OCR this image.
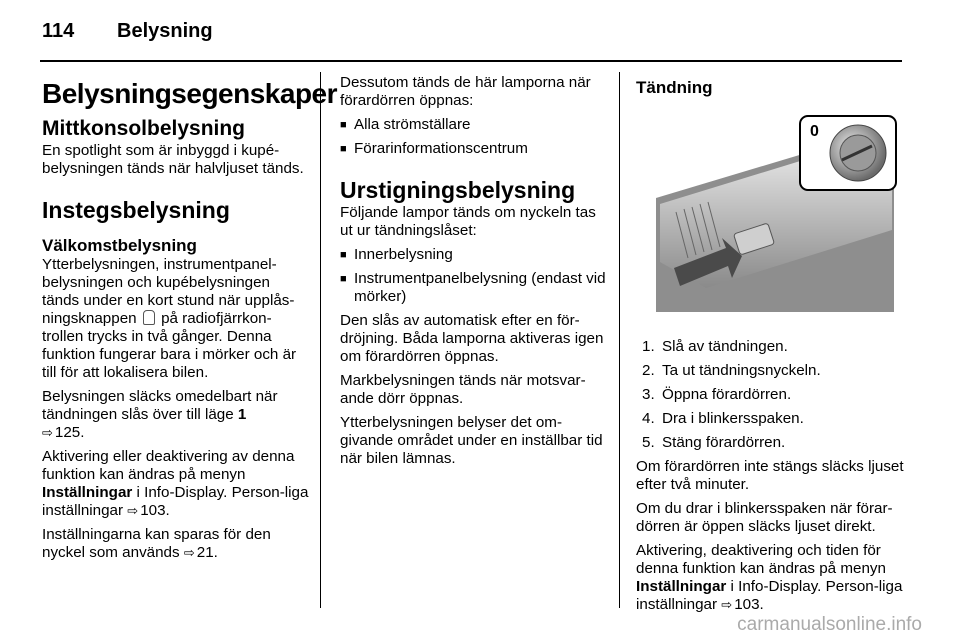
114 Belysning
Belysningsegenskaper
Mittkonsolbelysning

En spotlight som är inbyggd i kupé-belysningen tänds när halvljuset tänds.

Instegsbelysning
Välkomstbelysning

Ytterbelysningen, instrumentpanel-belysningen och kupébelysningen tänds under en kort stund när upplås-ningsknappen på radiofjärrkon-trollen trycks in två gånger. Denna funktion fungerar bara i mörker och är till för att lokalisera bilen.

Belysningen släcks omedelbart när tändningen slås över till läge 1
⇨ 125.

Aktivering eller deaktivering av denna funktion kan ändras på menyn Inställningar i Info-Display. Person-liga inställningar ⇨ 103.

Inställningarna kan sparas för den nyckel som används ⇨ 21.

Dessutom tänds de här lamporna när förardörren öppnas:

■ Alla strömställare
■ Förarinformationscentrum
Urstigningsbelysning

Följande lampor tänds om nyckeln tas ut ur tändningslåset:

■ Innerbelysning
■ Instrumentpanelbelysning (endast vid mörker)

Den slås av automatisk efter en för-dröjning. Båda lamporna aktiveras igen om förardörren öppnas.

Markbelysningen tänds när motsvar-ande dörr öppnas.

Ytterbelysningen belyser det om-givande området under en inställbar tid när bilen lämnas.

Tändning
0
1. Slå av tändningen.
2. Ta ut tändningsnyckeln.
3. Öppna förardörren.
4. Dra i blinkersspaken.
5. Stäng förardörren.

Om förardörren inte stängs släcks ljuset efter två minuter.

Om du drar i blinkersspaken när förar-dörren är öppen släcks ljuset direkt.

Aktivering, deaktivering och tiden för denna funktion kan ändras på menyn Inställningar i Info-Display. Person-liga inställningar ⇨ 103.

carmanualsonline.info
